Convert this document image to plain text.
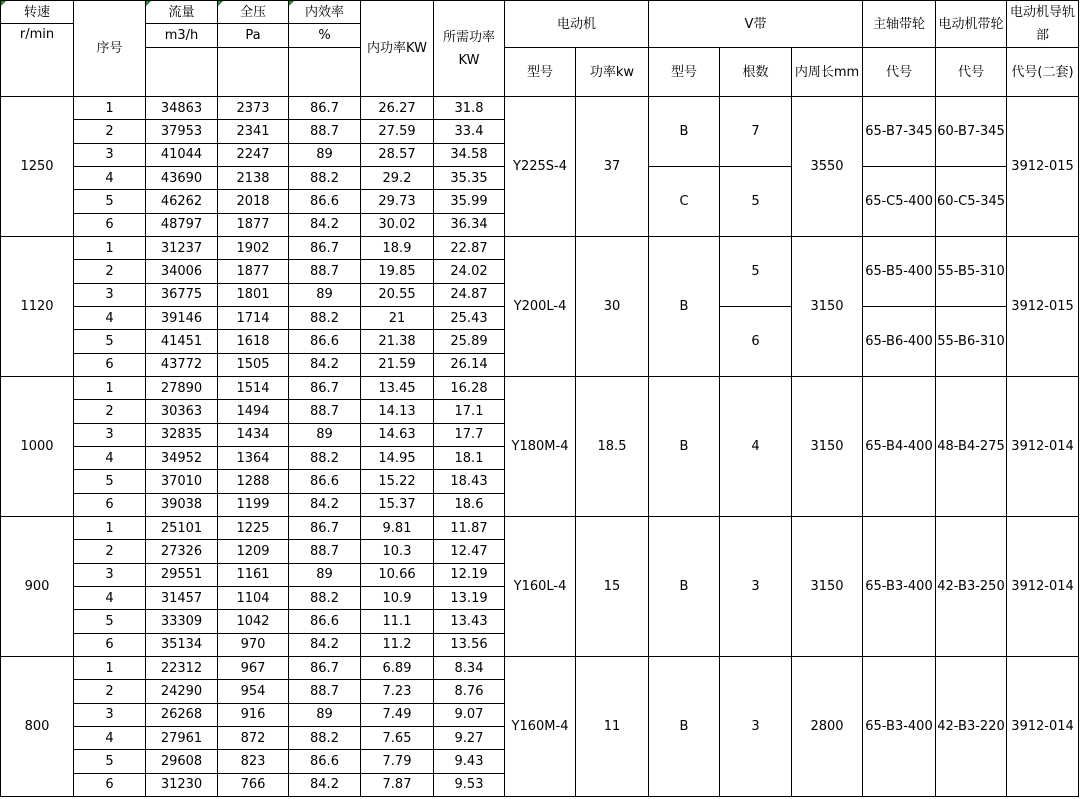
转速	序号	流量	全压	内效率	内功率KW	所需功率KW	电动机		V带			主轴带轮	电动机带轮	电动机导轨部
r/min		m3/h	Pa	%										
							型号	功率kw	型号	根数	内周长mm	代号	代号	代号(二套)
1250	1	34863	2373	86.7	26.27	31.8	Y225S-4	37	B	7	3550	65-B7-345	60-B7-345	3912-015
	2	37953	2341	88.7	27.59	33.4								
	3	41044	2247	89	28.57	34.58								
	4	43690	2138	88.2	29.2	35.35			C	5		65-C5-400	60-C5-345	
	5	46262	2018	86.6	29.73	35.99								
	6	48797	1877	84.2	30.02	36.34								
1120	1	31237	1902	86.7	18.9	22.87	Y200L-4	30	B	5	3150	65-B5-400	55-B5-310	3912-015
	2	34006	1877	88.7	19.85	24.02								
	3	36775	1801	89	20.55	24.87								
	4	39146	1714	88.2	21	25.43				6		65-B6-400	55-B6-310	
	5	41451	1618	86.6	21.38	25.89								
	6	43772	1505	84.2	21.59	26.14								
1000	1	27890	1514	86.7	13.45	16.28	Y180M-4	18.5	B	4	3150	65-B4-400	48-B4-275	3912-014
	2	30363	1494	88.7	14.13	17.1								
	3	32835	1434	89	14.63	17.7								
	4	34952	1364	88.2	14.95	18.1								
	5	37010	1288	86.6	15.22	18.43								
	6	39038	1199	84.2	15.37	18.6								
900	1	25101	1225	86.7	9.81	11.87	Y160L-4	15	B	3	3150	65-B3-400	42-B3-250	3912-014
	2	27326	1209	88.7	10.3	12.47								
	3	29551	1161	89	10.66	12.19								
	4	31457	1104	88.2	10.9	13.19								
	5	33309	1042	86.6	11.1	13.43								
	6	35134	970	84.2	11.2	13.56								
800	1	22312	967	86.7	6.89	8.34	Y160M-4	11	B	3	2800	65-B3-400	42-B3-220	3912-014
	2	24290	954	88.7	7.23	8.76								
	3	26268	916	89	7.49	9.07								
	4	27961	872	88.2	7.65	9.27								
	5	29608	823	86.6	7.79	9.43								
	6	31230	766	84.2	7.87	9.53								
